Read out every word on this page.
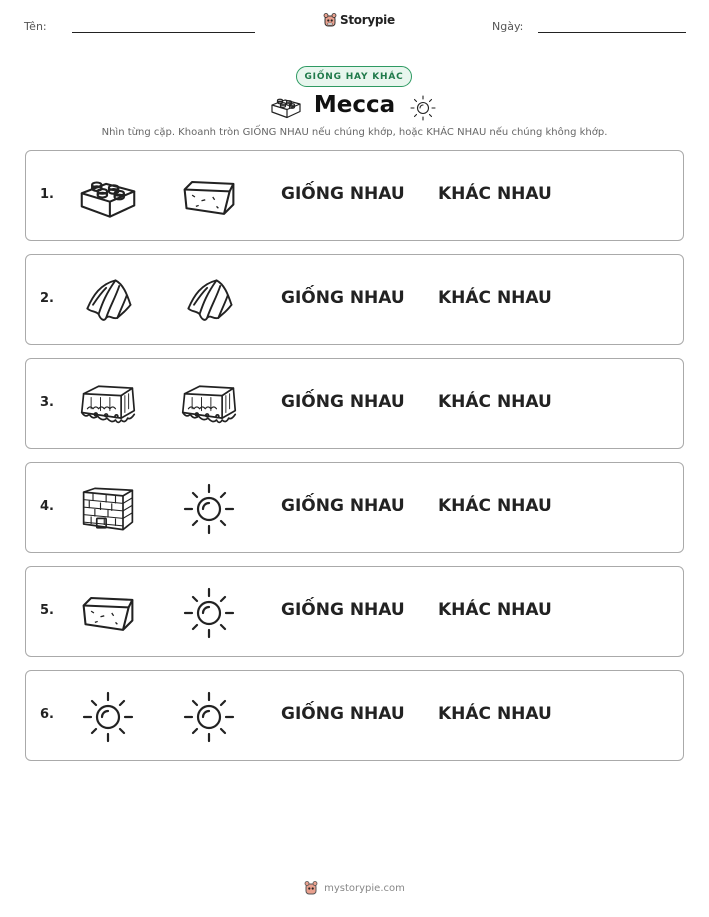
Tên:	Storypie	Ngày:
GIỐNG HAY KHÁC
Mecca
Nhìn từng cặp. Khoanh tròn GIỐNG NHAU nếu chúng khớp, hoặc KHÁC NHAU nếu chúng không khớp.
1.	GIỐNG NHAU KHÁC NHAU
2.	GIỐNG NHAU KHÁC NHAU
3.	GIỐNG NHAU KHÁC NHAU
4.	GIỐNG NHAU KHÁC NHAU
5.	GIỐNG NHAU KHÁC NHAU
6.	GIỐNG NHAU KHÁC NHAU
mystorypie.com
